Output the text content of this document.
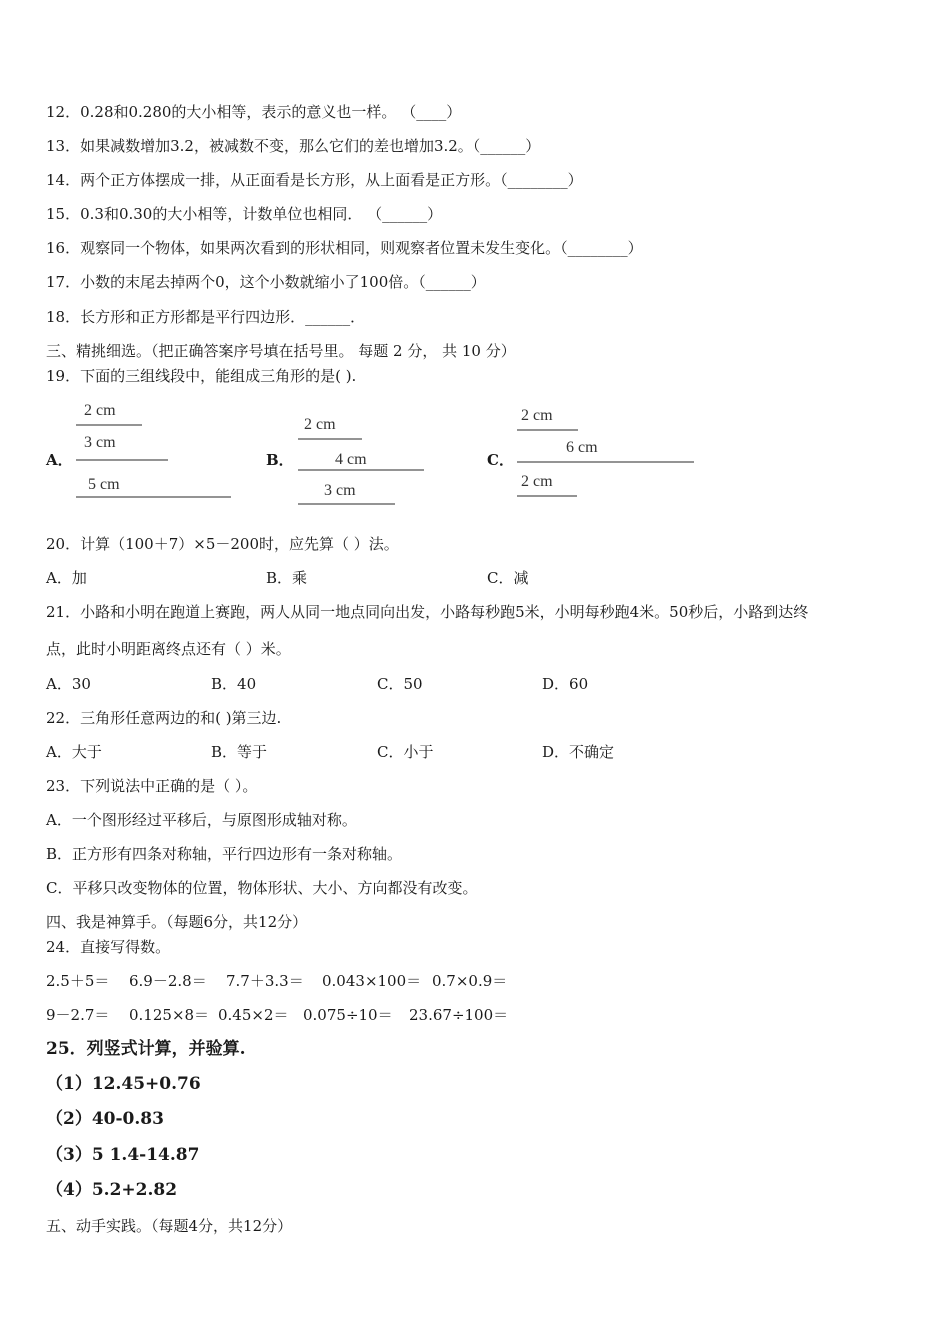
12．0.28和0.280的大小相等，表示的意义也一样。 （____）

13．如果减数增加3.2，被减数不变，那么它们的差也增加3.2。（______）

14．两个正方体摆成一排，从正面看是长方形，从上面看是正方形。（________）

15．0.3和0.30的大小相等，计数单位也相同． （______）

16．观察同一个物体，如果两次看到的形状相同，则观察者位置未发生变化。（________）

17．小数的末尾去掉两个0，这个小数就缩小了100倍。（______）

18．长方形和正方形都是平行四边形．______．

三、精挑细选。（把正确答案序号填在括号里。 每题 2 分， 共 10 分）

19．下面的三组线段中，能组成三角形的是( ).

A．
2 cm
3 cm
5 cm
B．
2 cm
4 cm
3 cm
C．
2 cm
6 cm
2 cm

20．计算（100＋7）×5－200时，应先算（ ）法。

A．加	B．乘	C．减

21．小路和小明在跑道上赛跑，两人从同一地点同向出发，小路每秒跑5米，小明每秒跑4米。50秒后，小路到达终

点，此时小明距离终点还有（ ）米。

A．30	B．40	C．50	D．60

22．三角形任意两边的和( )第三边.

A．大于	B．等于	C．小于	D．不确定

23．下列说法中正确的是（ ）。

A．一个图形经过平移后，与原图形成轴对称。

B．正方形有四条对称轴，平行四边形有一条对称轴。

C．平移只改变物体的位置，物体形状、大小、方向都没有改变。

四、我是神算手。（每题6分，共12分）

24．直接写得数。

2.5＋5＝ 6.9－2.8＝ 7.7＋3.3＝ 0.043×100＝ 0.7×0.9＝
9－2.7＝ 0.125×8＝ 0.45×2＝ 0.075÷10＝ 23.67÷100＝

25．列竖式计算，并验算.

（1）12.45+0.76

（2）40-0.83

（3）5 1.4-14.87

（4）5.2+2.82

五、动手实践。（每题4分，共12分）
